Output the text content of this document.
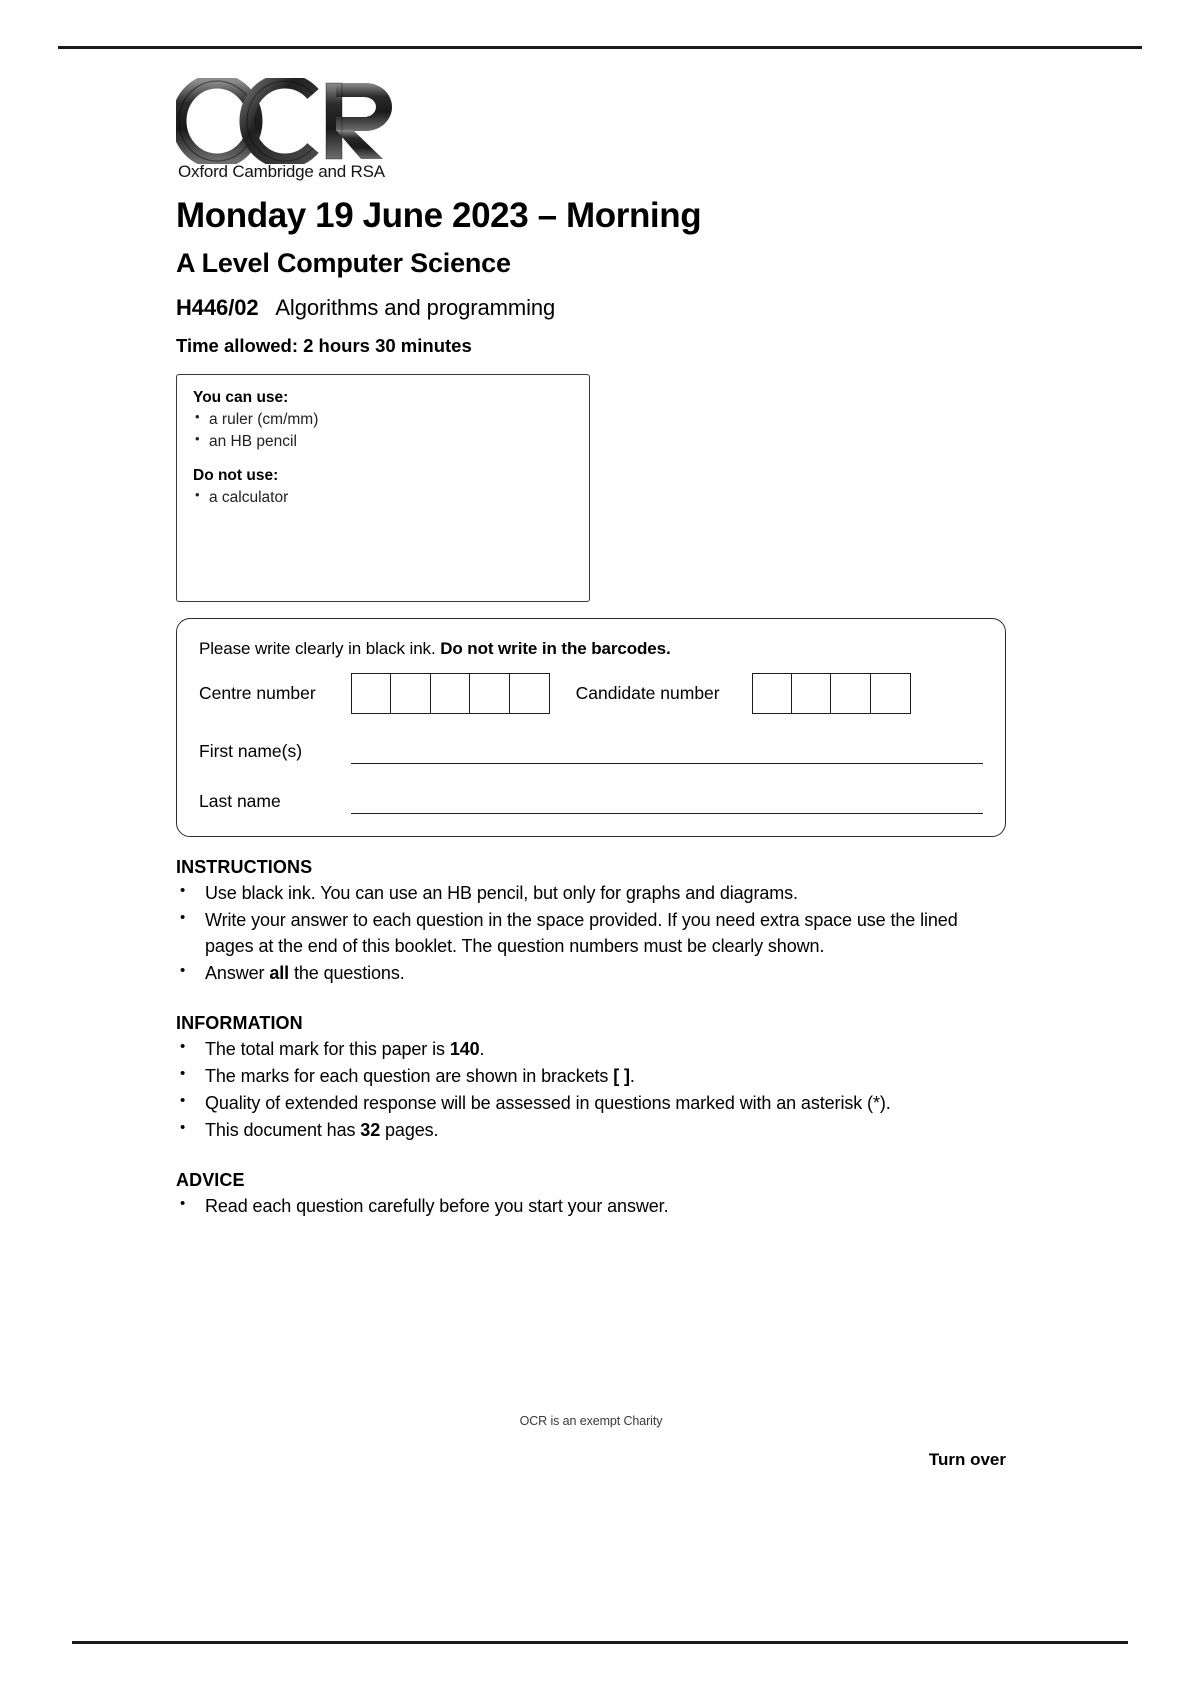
Oxford Cambridge and RSA
Monday 19 June 2023 – Morning
A Level Computer Science
H446/02 Algorithms and programming
Time allowed: 2 hours 30 minutes
You can use:
• a ruler (cm/mm)
• an HB pencil
Do not use:
• a calculator
Please write clearly in black ink. Do not write in the barcodes.
Centre number	Candidate number
First name(s)
Last name
INSTRUCTIONS
• Use black ink. You can use an HB pencil, but only for graphs and diagrams.
• Write your answer to each question in the space provided. If you need extra space use the lined pages at the end of this booklet. The question numbers must be clearly shown.
• Answer all the questions.
INFORMATION
• The total mark for this paper is 140.
• The marks for each question are shown in brackets [ ].
• Quality of extended response will be assessed in questions marked with an asterisk (*).
• This document has 32 pages.
ADVICE
• Read each question carefully before you start your answer.
OCR is an exempt Charity
Turn over
